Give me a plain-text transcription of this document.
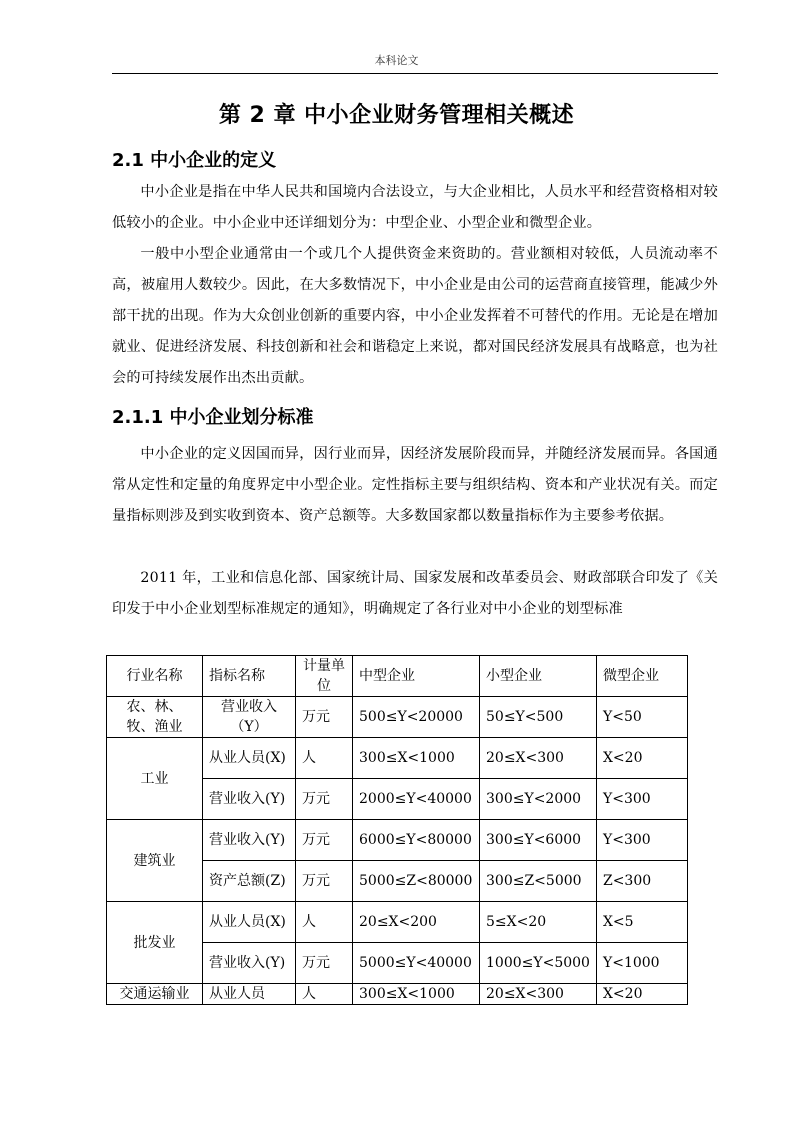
本科论文
第 2 章 中小企业财务管理相关概述
2.1 中小企业的定义

中小企业是指在中华人民共和国境内合法设立，与大企业相比，人员水平和经营资格相对较低较小的企业。中小企业中还详细划分为：中型企业、小型企业和微型企业。

一般中小型企业通常由一个或几个人提供资金来资助的。营业额相对较低，人员流动率不高，被雇用人数较少。因此，在大多数情况下，中小企业是由公司的运营商直接管理，能减少外部干扰的出现。作为大众创业创新的重要内容，中小企业发挥着不可替代的作用。无论是在增加就业、促进经济发展、科技创新和社会和谐稳定上来说，都对国民经济发展具有战略意，也为社会的可持续发展作出杰出贡献。

2.1.1 中小企业划分标准

中小企业的定义因国而异，因行业而异，因经济发展阶段而异，并随经济发展而异。各国通常从定性和定量的角度界定中小型企业。定性指标主要与组织结构、资本和产业状况有关。而定量指标则涉及到实收到资本、资产总额等。大多数国家都以数量指标作为主要参考依据。

2011 年，工业和信息化部、国家统计局、国家发展和改革委员会、财政部联合印发了《关印发于中小企业划型标准规定的通知》，明确规定了各行业对中小企业的划型标准

行业名称	指标名称	计量单位	中型企业	小型企业	微型企业
农、林、牧、渔业	营业收入（Y）	万元	500≤Y<20000	50≤Y<500	Y<50
工业	从业人员(X)	人	300≤X<1000	20≤X<300	X<20
	营业收入(Y)	万元	2000≤Y<40000	300≤Y<2000	Y<300
建筑业	营业收入(Y)	万元	6000≤Y<80000	300≤Y<6000	Y<300
	资产总额(Z)	万元	5000≤Z<80000	300≤Z<5000	Z<300
批发业	从业人员(X)	人	20≤X<200	5≤X<20	X<5
	营业收入(Y)	万元	5000≤Y<40000	1000≤Y<5000	Y<1000
交通运输业	从业人员	人	300≤X<1000	20≤X<300	X<20
